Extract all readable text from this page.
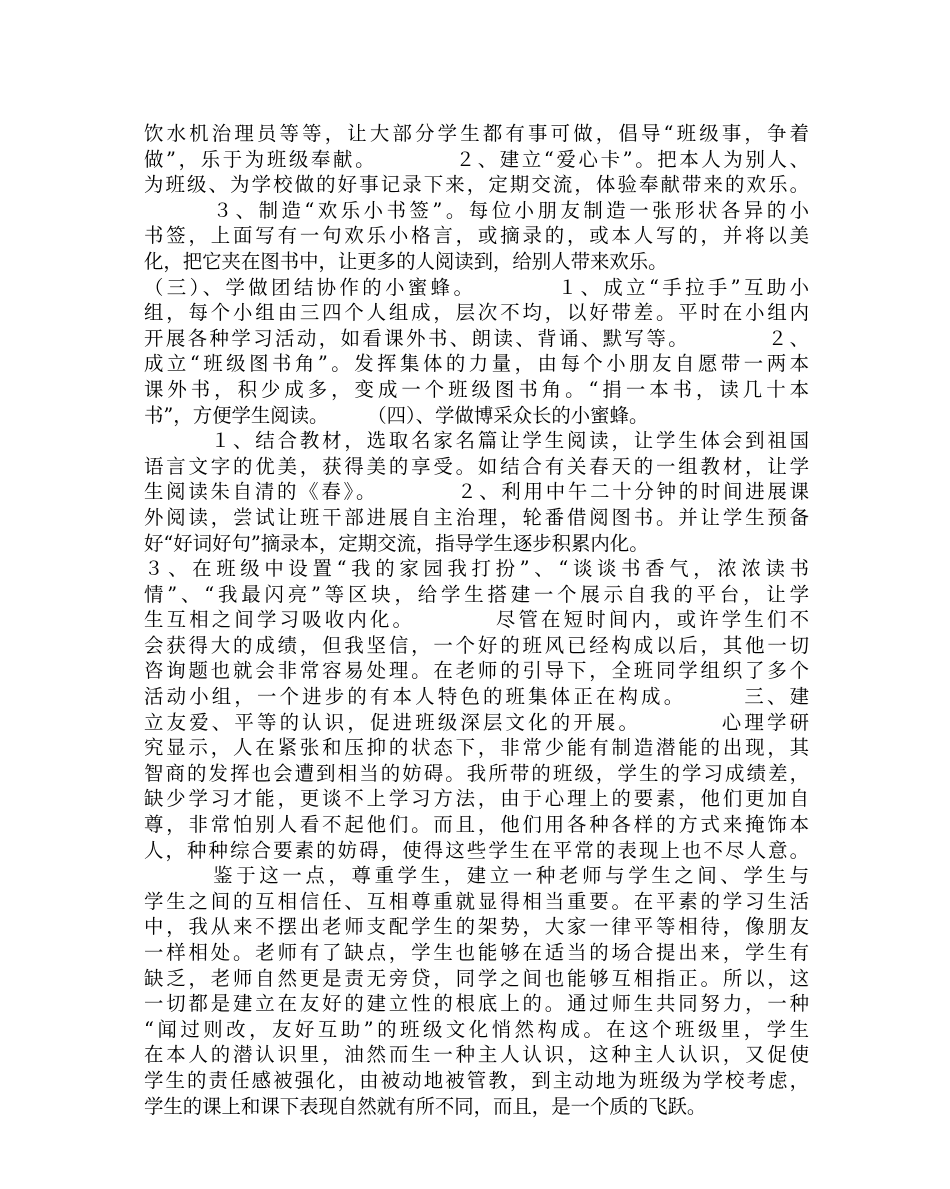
饮水机治理员等等，让大部分学生都有事可做，倡导“班级事，争着
做”，乐于为班级奉献。　　　　２、建立“爱心卡”。把本人为别人、
为班级、为学校做的好事记录下来，定期交流，体验奉献带来的欢乐。
　　　３、制造“欢乐小书签”。每位小朋友制造一张形状各异的小
书签，上面写有一句欢乐小格言，或摘录的，或本人写的，并将以美
化，把它夹在图书中，让更多的人阅读到，给别人带来欢乐。
（三）、学做团结协作的小蜜蜂。　　　　１、成立“手拉手”互助小
组，每个小组由三四个人组成，层次不均，以好带差。平时在小组内
开展各种学习活动，如看课外书、朗读、背诵、默写等。　　　　２、
成立“班级图书角”。发挥集体的力量，由每个小朋友自愿带一两本
课外书，积少成多，变成一个班级图书角。“捐一本书，读几十本
书”，方便学生阅读。　　　（四）、学做博采众长的小蜜蜂。
　　　１、结合教材，选取名家名篇让学生阅读，让学生体会到祖国
语言文字的优美，获得美的享受。如结合有关春天的一组教材，让学
生阅读朱自清的《春》。　　　　２、利用中午二十分钟的时间进展课
外阅读，尝试让班干部进展自主治理，轮番借阅图书。并让学生预备
好“好词好句”摘录本，定期交流，指导学生逐步积累内化。
３、在班级中设置“我的家园我打扮”、“谈谈书香气，浓浓读书
情”、“我最闪亮”等区块，给学生搭建一个展示自我的平台，让学
生互相之间学习吸收内化。　　　　尽管在短时间内，或许学生们不
会获得大的成绩，但我坚信，一个好的班风已经构成以后，其他一切
咨询题也就会非常容易处理。在老师的引导下，全班同学组织了多个
活动小组，一个进步的有本人特色的班集体正在构成。　　　三、建
立友爱、平等的认识，促进班级深层文化的开展。　　　　心理学研
究显示，人在紧张和压抑的状态下，非常少能有制造潜能的出现，其
智商的发挥也会遭到相当的妨碍。我所带的班级，学生的学习成绩差，
缺少学习才能，更谈不上学习方法，由于心理上的要素，他们更加自
尊，非常怕别人看不起他们。而且，他们用各种各样的方式来掩饰本
人，种种综合要素的妨碍，使得这些学生在平常的表现上也不尽人意。
　　　鉴于这一点，尊重学生，建立一种老师与学生之间、学生与
学生之间的互相信任、互相尊重就显得相当重要。在平素的学习生活
中，我从来不摆出老师支配学生的架势，大家一律平等相待，像朋友
一样相处。老师有了缺点，学生也能够在适当的场合提出来，学生有
缺乏，老师自然更是责无旁贷，同学之间也能够互相指正。所以，这
一切都是建立在友好的建立性的根底上的。通过师生共同努力，一种
“闻过则改，友好互助”的班级文化悄然构成。在这个班级里，学生
在本人的潜认识里，油然而生一种主人认识，这种主人认识，又促使
学生的责任感被强化，由被动地被管教，到主动地为班级为学校考虑，
学生的课上和课下表现自然就有所不同，而且，是一个质的飞跃。
